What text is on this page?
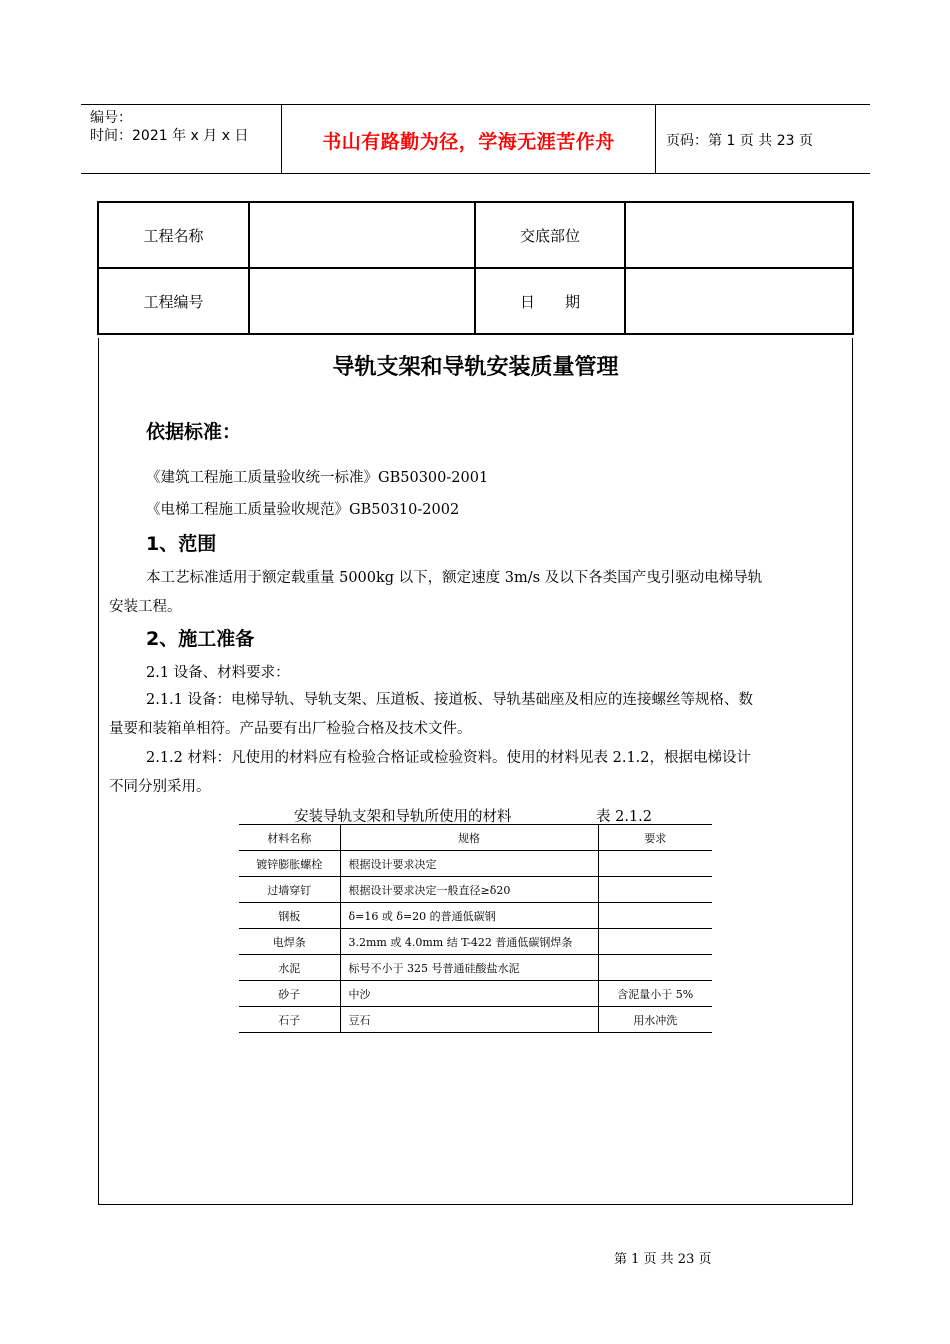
编号：
时间：2021 年 x 月 x 日	书山有路勤为径，学海无涯苦作舟	页码：第 1 页 共 23 页
工程名称		交底部位	
工程编号		日　　期	
导轨支架和导轨安装质量管理
依据标准：
《建筑工程施工质量验收统一标准》GB50300-2001
《电梯工程施工质量验收规范》GB50310-2002
1、范围
本工艺标准适用于额定载重量 5000kg 以下，额定速度 3m/s 及以下各类国产曳引驱动电梯导轨
安装工程。
2、施工准备
2.1 设备、材料要求：
2.1.1 设备：电梯导轨、导轨支架、压道板、接道板、导轨基础座及相应的连接螺丝等规格、数
量要和装箱单相符。产品要有出厂检验合格及技术文件。
2.1.2 材料：凡使用的材料应有检验合格证或检验资料。使用的材料见表 2.1.2，根据电梯设计
不同分别采用。
安装导轨支架和导轨所使用的材料	表 2.1.2
材料名称	规格	要求
镀锌膨胀螺栓	根据设计要求决定	
过墙穿钉	根据设计要求决定一般直径≥δ20	
钢板	δ=16 或 δ=20 的普通低碳钢	
电焊条	3.2mm 或 4.0mm 结 T-422 普通低碳钢焊条	
水泥	标号不小于 325 号普通硅酸盐水泥	
砂子	中沙	含泥量小于 5%
石子	豆石	用水冲洗
第 1 页 共 23 页
